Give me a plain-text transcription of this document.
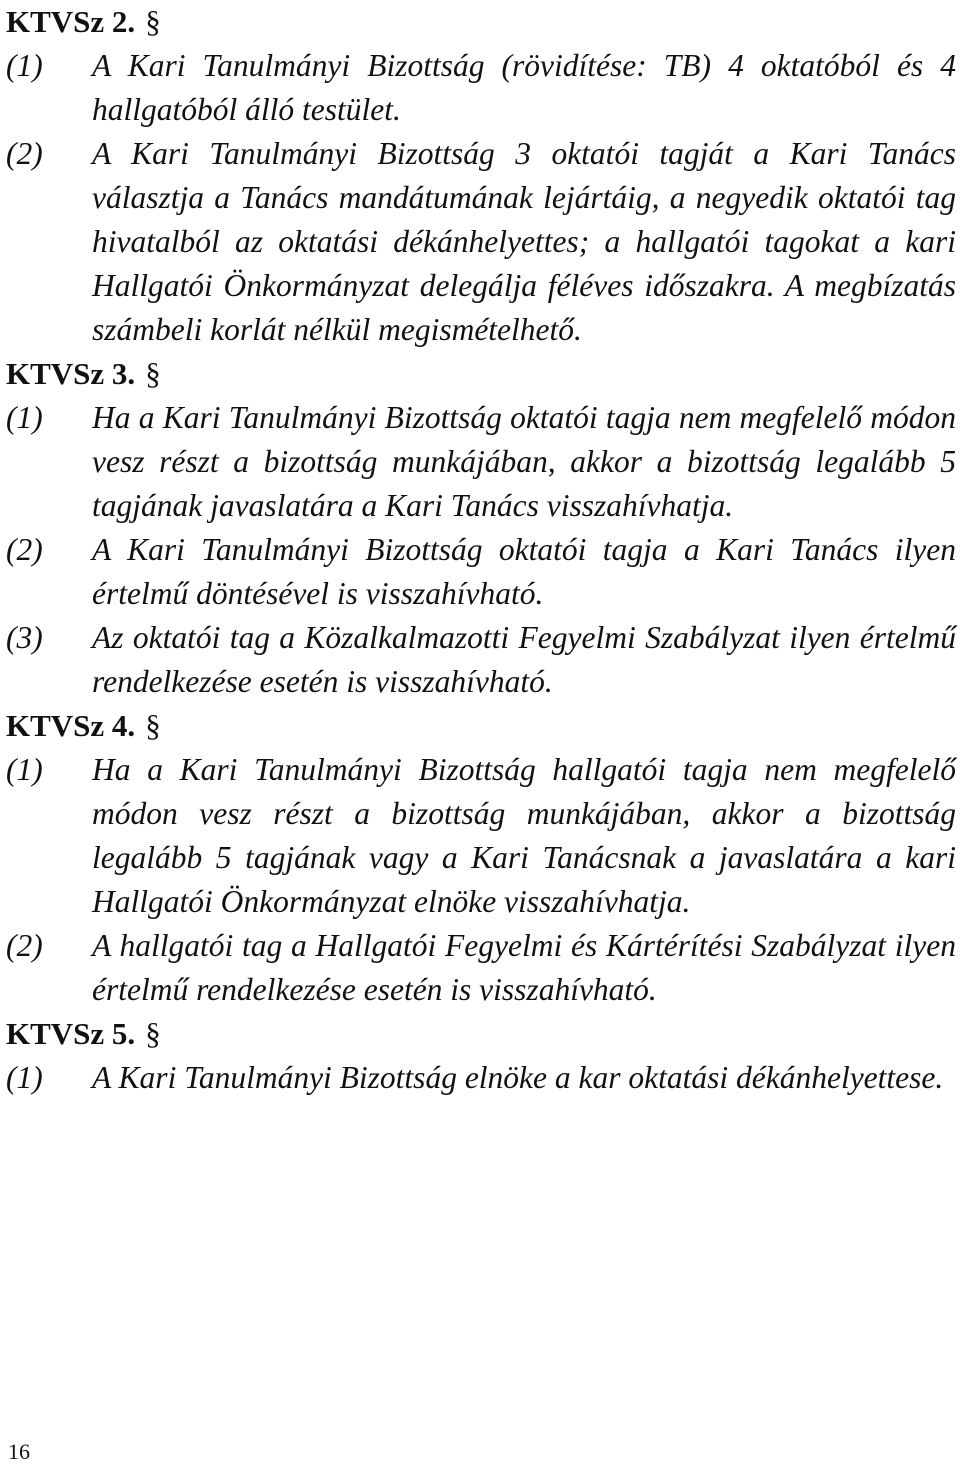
KTVSz 2. §
(1)	A Kari Tanulmányi Bizottság (rövidítése: TB) 4 oktatóból és 4 hallgatóból álló testület.
(2)	A Kari Tanulmányi Bizottság 3 oktatói tagját a Kari Tanács választja a Tanács mandátumának lejártáig, a negyedik oktatói tag hivatalból az oktatási dékánhelyettes; a hallgatói tagokat a kari Hallgatói Önkormányzat delegálja féléves időszakra. A megbízatás számbeli korlát nélkül megismételhető.
KTVSz 3. §
(1)	Ha a Kari Tanulmányi Bizottság oktatói tagja nem megfelelő módon vesz részt a bizottság munkájában, akkor a bizottság legalább 5 tagjának javaslatára a Kari Tanács visszahívhatja.
(2)	A Kari Tanulmányi Bizottság oktatói tagja a Kari Tanács ilyen értelmű döntésével is visszahívható.
(3)	Az oktatói tag a Közalkalmazotti Fegyelmi Szabályzat ilyen értelmű rendelkezése esetén is visszahívható.
KTVSz 4. §
(1)	Ha a Kari Tanulmányi Bizottság hallgatói tagja nem megfelelő módon vesz részt a bizottság munkájában, akkor a bizottság legalább 5 tagjának vagy a Kari Tanácsnak a javaslatára a kari Hallgatói Önkormányzat elnöke visszahívhatja.
(2)	A hallgatói tag a Hallgatói Fegyelmi és Kártérítési Szabályzat ilyen értelmű rendelkezése esetén is visszahívható.
KTVSz 5. §
(1)	A Kari Tanulmányi Bizottság elnöke a kar oktatási dékánhelyettese.
16
